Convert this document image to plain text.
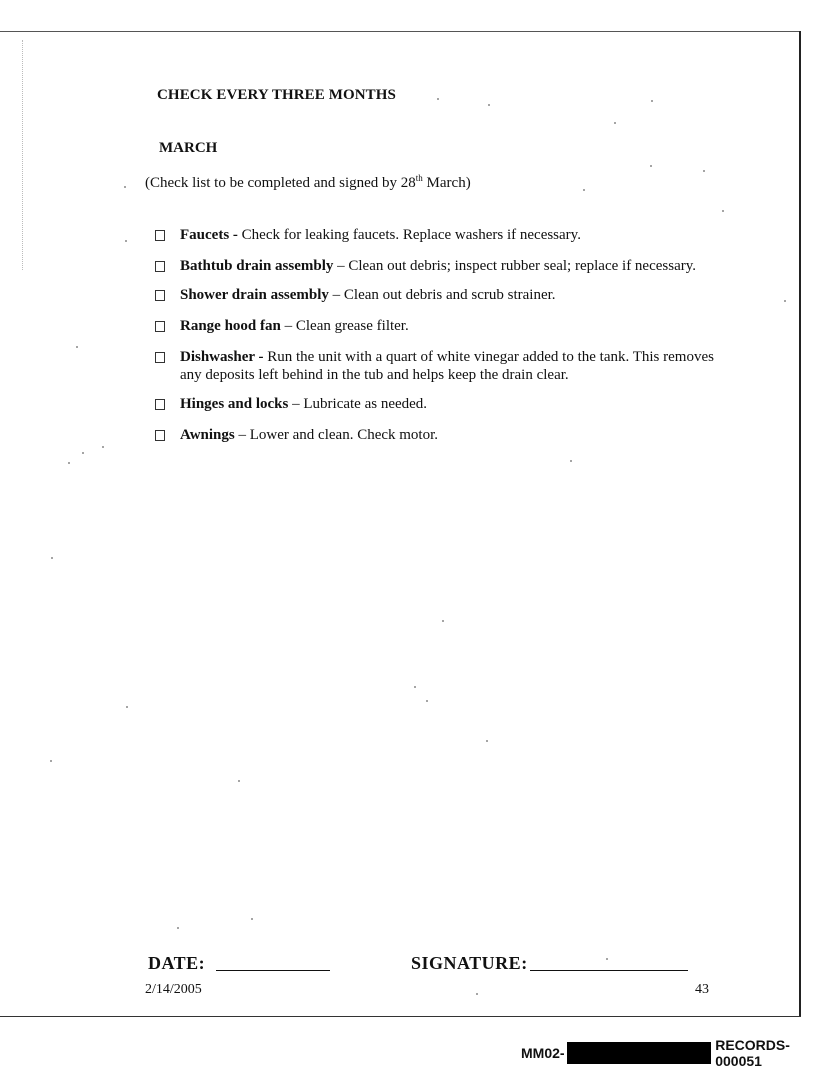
CHECK EVERY THREE MONTHS
MARCH
(Check list to be completed and signed by 28th March)
Faucets - Check for leaking faucets. Replace washers if necessary.
Bathtub drain assembly – Clean out debris; inspect rubber seal; replace if necessary.
Shower drain assembly – Clean out debris and scrub strainer.
Range hood fan – Clean grease filter.
Dishwasher - Run the unit with a quart of white vinegar added to the tank. This removes any deposits left behind in the tub and helps keep the drain clear.
Hinges and locks – Lubricate as needed.
Awnings – Lower and clean. Check motor.
DATE:	SIGNATURE:
2/14/2005	43
MM02-	RECORDS-000051
